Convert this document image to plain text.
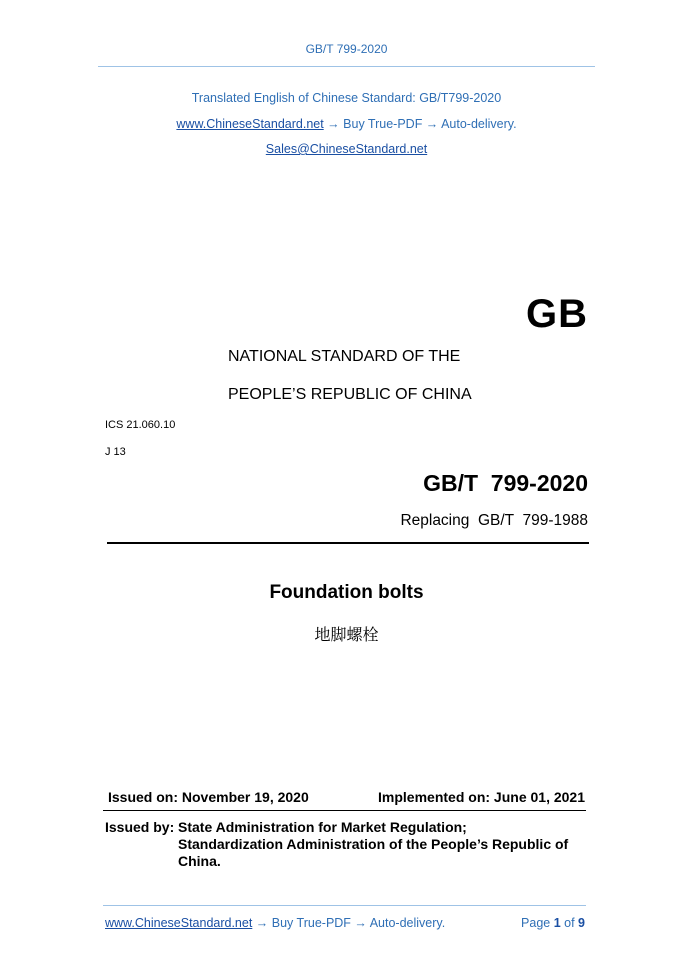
GB/T 799-2020
Translated English of Chinese Standard: GB/T799-2020
www.ChineseStandard.net → Buy True-PDF → Auto-delivery.
Sales@ChineseStandard.net
GB
NATIONAL STANDARD OF THE
PEOPLE’S REPUBLIC OF CHINA
ICS 21.060.10
J 13
GB/T  799-2020
Replacing  GB/T  799-1988
Foundation bolts
地脚螺栓
Issued on: November 19, 2020	Implemented on: June 01, 2021
Issued by: State Administration for Market Regulation;
Standardization Administration of the People’s Republic of
China.
www.ChineseStandard.net → Buy True-PDF → Auto-delivery.	Page 1 of 9
